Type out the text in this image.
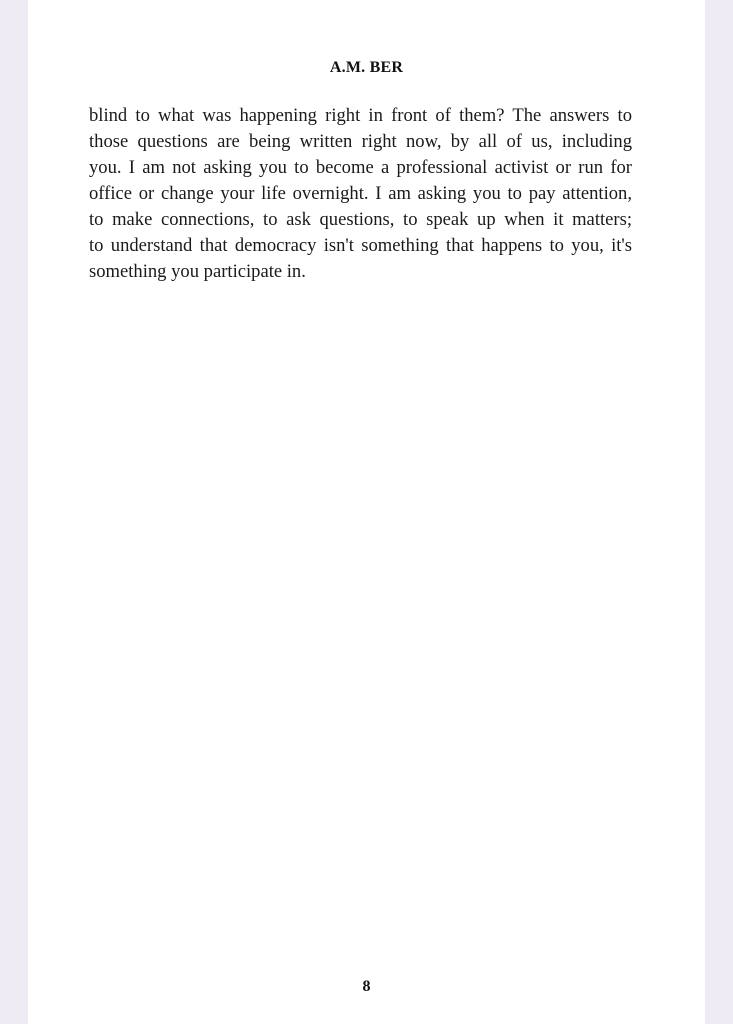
A.M. BER

blind to what was happening right in front of them? The answers to
those questions are being written right now, by all of us, including
you. I am not asking you to become a professional activist or run for
office or change your life overnight. I am asking you to pay attention,
to make connections, to ask questions, to speak up when it matters;
to understand that democracy isn't something that happens to you, it's
something you participate in.

8
